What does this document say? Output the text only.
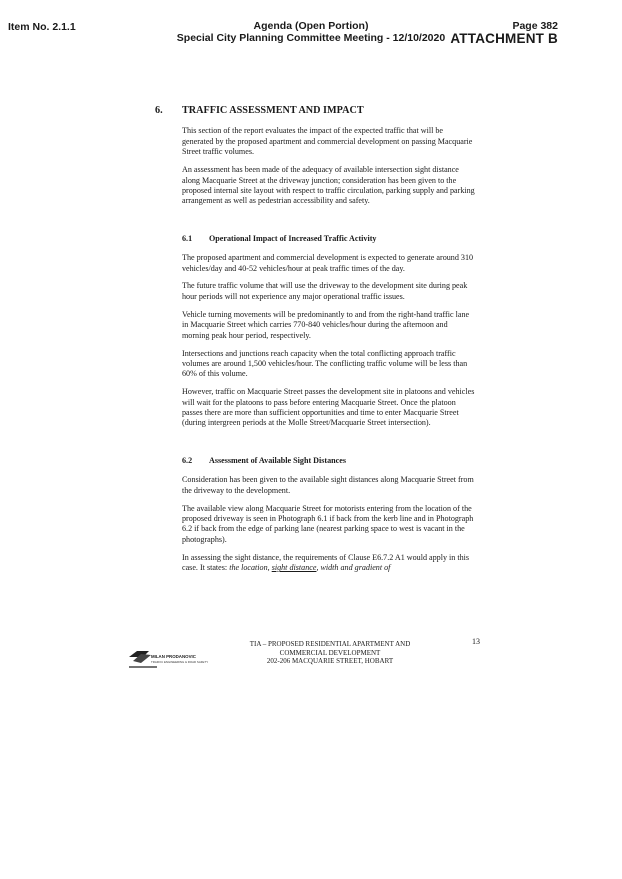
Item No. 2.1.1	Agenda (Open Portion)
Special City Planning Committee Meeting - 12/10/2020
Page 382
ATTACHMENT B
6.	TRAFFIC ASSESSMENT AND IMPACT

This section of the report evaluates the impact of the expected traffic that will be generated by the proposed apartment and commercial development on passing Macquarie Street traffic volumes.

An assessment has been made of the adequacy of available intersection sight distance along Macquarie Street at the driveway junction; consideration has been given to the proposed internal site layout with respect to traffic circulation, parking supply and parking arrangement as well as pedestrian accessibility and safety.

6.1	Operational Impact of Increased Traffic Activity

The proposed apartment and commercial development is expected to generate around 310 vehicles/day and 40-52 vehicles/hour at peak traffic times of the day.

The future traffic volume that will use the driveway to the development site during peak hour periods will not experience any major operational traffic issues.

Vehicle turning movements will be predominantly to and from the right-hand traffic lane in Macquarie Street which carries 770-840 vehicles/hour during the afternoon and morning peak hour period, respectively.

Intersections and junctions reach capacity when the total conflicting approach traffic volumes are around 1,500 vehicles/hour. The conflicting traffic volume will be less than 60% of this volume.

However, traffic on Macquarie Street passes the development site in platoons and vehicles will wait for the platoons to pass before entering Macquarie Street. Once the platoon passes there are more than sufficient opportunities and time to enter Macquarie Street (during intergreen periods at the Molle Street/Macquarie Street intersection).

6.2	Assessment of Available Sight Distances

Consideration has been given to the available sight distances along Macquarie Street from the driveway to the development.

The available view along Macquarie Street for motorists entering from the location of the proposed driveway is seen in Photograph 6.1 if back from the kerb line and in Photograph 6.2 if back from the edge of parking lane (nearest parking space to west is vacant in the photographs).

In assessing the sight distance, the requirements of Clause E6.7.2 A1 would apply in this case. It states: the location, sight distance, width and gradient of

MILAN PRODANOVIC
TRAFFIC ENGINEERING & ROAD SAFETY
TIA – PROPOSED RESIDENTIAL APARTMENT AND
COMMERCIAL DEVELOPMENT
202-206 MACQUARIE STREET, HOBART
13
